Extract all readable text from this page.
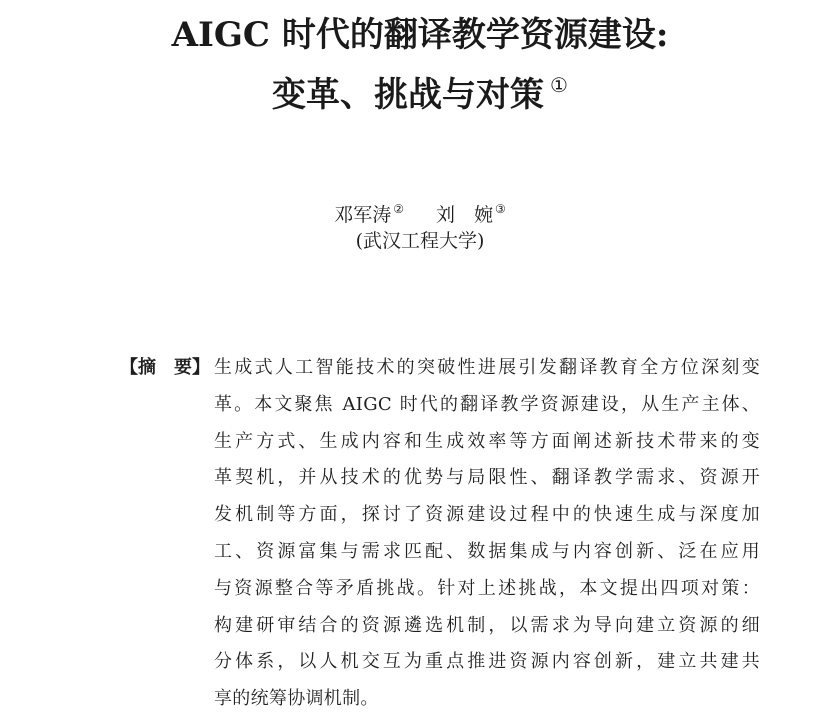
AIGC 时代的翻译教学资源建设:
变革、挑战与对策 ①
邓军涛 ② 刘　婉 ③
(武汉工程大学)
【摘　要】 生成式人工智能技术的突破性进展引发翻译教育全方位深刻变
革。本文聚焦 AIGC 时代的翻译教学资源建设，从生产主体、
生产方式、生成内容和生成效率等方面阐述新技术带来的变
革契机，并从技术的优势与局限性、翻译教学需求、资源开
发机制等方面，探讨了资源建设过程中的快速生成与深度加
工、资源富集与需求匹配、数据集成与内容创新、泛在应用
与资源整合等矛盾挑战。针对上述挑战，本文提出四项对策：
构建研审结合的资源遴选机制，以需求为导向建立资源的细
分体系，以人机交互为重点推进资源内容创新，建立共建共
享的统筹协调机制。
